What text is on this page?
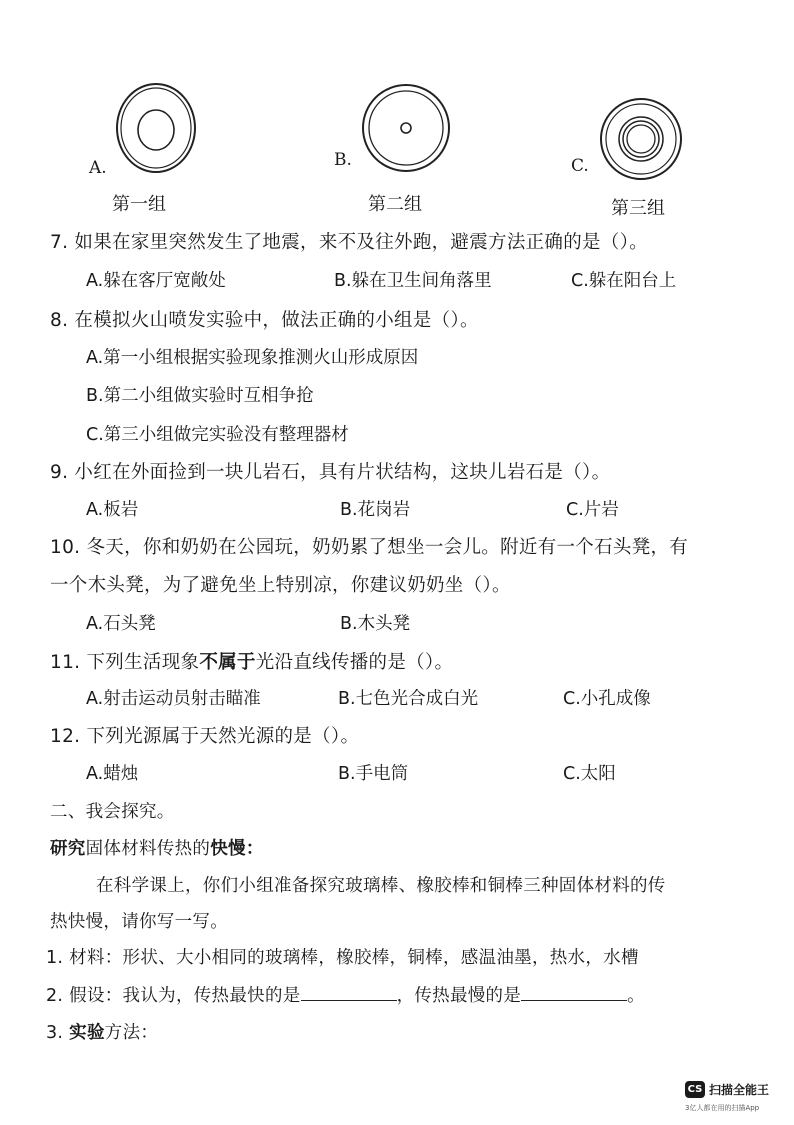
A.
第一组
B.
第二组
C.
第三组
7. 如果在家里突然发生了地震，来不及往外跑，避震方法正确的是（）。
A.躲在客厅宽敞处	B.躲在卫生间角落里	C.躲在阳台上
8. 在模拟火山喷发实验中，做法正确的小组是（）。
A.第一小组根据实验现象推测火山形成原因
B.第二小组做实验时互相争抢
C.第三小组做完实验没有整理器材
9. 小红在外面捡到一块儿岩石，具有片状结构，这块儿岩石是（）。
A.板岩	B.花岗岩	C.片岩
10. 冬天，你和奶奶在公园玩，奶奶累了想坐一会儿。附近有一个石头凳，有
一个木头凳，为了避免坐上特别凉，你建议奶奶坐（）。
A.石头凳	B.木头凳
11. 下列生活现象不属于光沿直线传播的是（）。
A.射击运动员射击瞄准	B.七色光合成白光	C.小孔成像
12. 下列光源属于天然光源的是（）。
A.蜡烛	B.手电筒	C.太阳
二、我会探究。
研究固体材料传热的快慢：
在科学课上，你们小组准备探究玻璃棒、橡胶棒和铜棒三种固体材料的传
热快慢，请你写一写。
1. 材料：形状、大小相同的玻璃棒，橡胶棒，铜棒，感温油墨，热水，水槽
2. 假设：我认为，传热最快的是	，传热最慢的是	。
3. 实验方法：
CS 扫描全能王
3亿人都在用的扫描App
